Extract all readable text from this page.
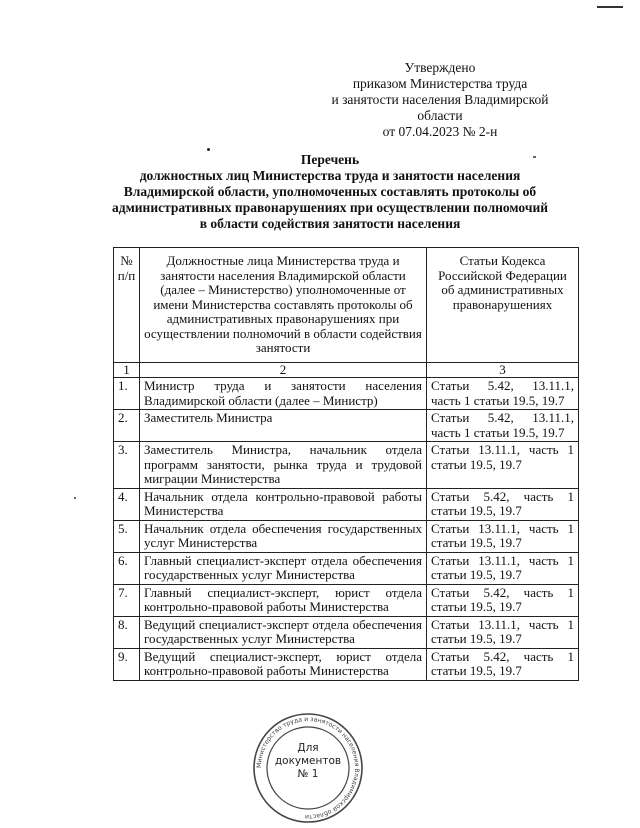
Утверждено
приказом Министерства труда
и занятости населения Владимирской
области
от 07.04.2023 № 2-н
Перечень
должностных лиц Министерства труда и занятости населения
Владимирской области, уполномоченных составлять протоколы об
административных правонарушениях при осуществлении полномочий
в области содействия занятости населения
№ п/п	Должностные лица Министерства труда и занятости населения Владимирской области (далее – Министерство) уполномоченные от имени Министерства составлять протоколы об административных правонарушениях при осуществлении полномочий в области содействия занятости	Статьи Кодекса Российской Федерации об административных правонарушениях
1	2	3
1.	Министр труда и занятости населения Владимирской области (далее – Министр)	Статьи 5.42, 13.11.1, часть 1 статьи 19.5, 19.7
2.	Заместитель Министра	Статьи 5.42, 13.11.1, часть 1 статьи 19.5, 19.7
3.	Заместитель Министра, начальник отдела программ занятости, рынка труда и трудовой миграции Министерства	Статьи 13.11.1, часть 1 статьи 19.5, 19.7
4.	Начальник отдела контрольно-правовой работы Министерства	Статьи 5.42, часть 1 статьи 19.5, 19.7
5.	Начальник отдела обеспечения государственных услуг Министерства	Статьи 13.11.1, часть 1 статьи 19.5, 19.7
6.	Главный специалист-эксперт отдела обеспечения государственных услуг Министерства	Статьи 13.11.1, часть 1 статьи 19.5, 19.7
7.	Главный специалист-эксперт, юрист отдела контрольно-правовой работы Министерства	Статьи 5.42, часть 1 статьи 19.5, 19.7
8.	Ведущий специалист-эксперт отдела обеспечения государственных услуг Министерства	Статьи 13.11.1, часть 1 статьи 19.5, 19.7
9.	Ведущий специалист-эксперт, юрист отдела контрольно-правовой работы Министерства	Статьи 5.42, часть 1 статьи 19.5, 19.7
Министерство труда и занятости населения Владимирской области
Для
документов
№ 1
